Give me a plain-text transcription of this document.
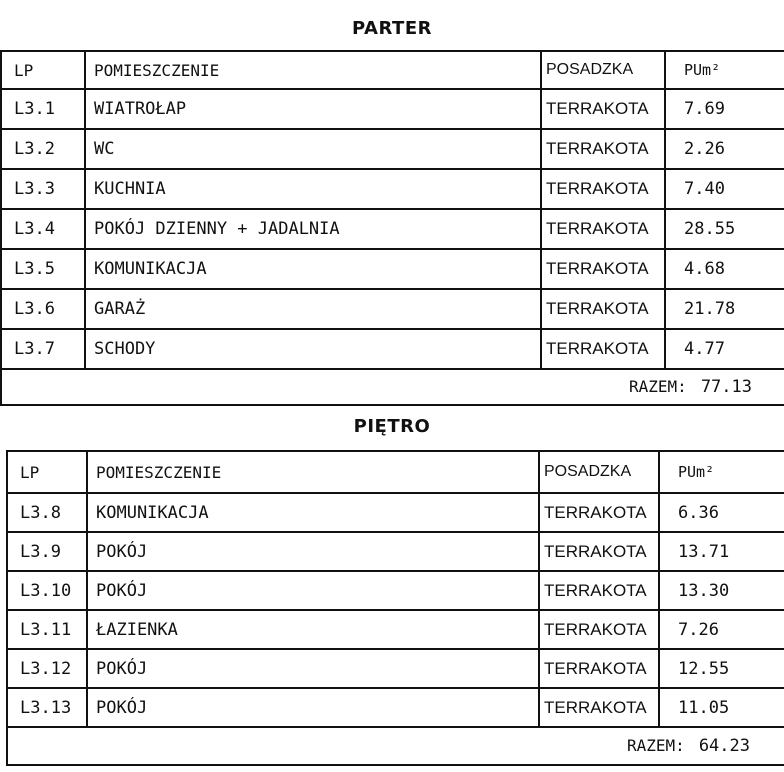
PARTER
LP	POMIESZCZENIE	POSADZKA	PUm²
L3.1	WIATROŁAP	TERRAKOTA	7.69
L3.2	WC	TERRAKOTA	2.26
L3.3	KUCHNIA	TERRAKOTA	7.40
L3.4	POKÓJ DZIENNY + JADALNIA	TERRAKOTA	28.55
L3.5	KOMUNIKACJA	TERRAKOTA	4.68
L3.6	GARAŻ	TERRAKOTA	21.78
L3.7	SCHODY	TERRAKOTA	4.77
RAZEM: 77.13			
PIĘTRO
LP	POMIESZCZENIE	POSADZKA	PUm²
L3.8	KOMUNIKACJA	TERRAKOTA	6.36
L3.9	POKÓJ	TERRAKOTA	13.71
L3.10	POKÓJ	TERRAKOTA	13.30
L3.11	ŁAZIENKA	TERRAKOTA	7.26
L3.12	POKÓJ	TERRAKOTA	12.55
L3.13	POKÓJ	TERRAKOTA	11.05
RAZEM: 64.23			
